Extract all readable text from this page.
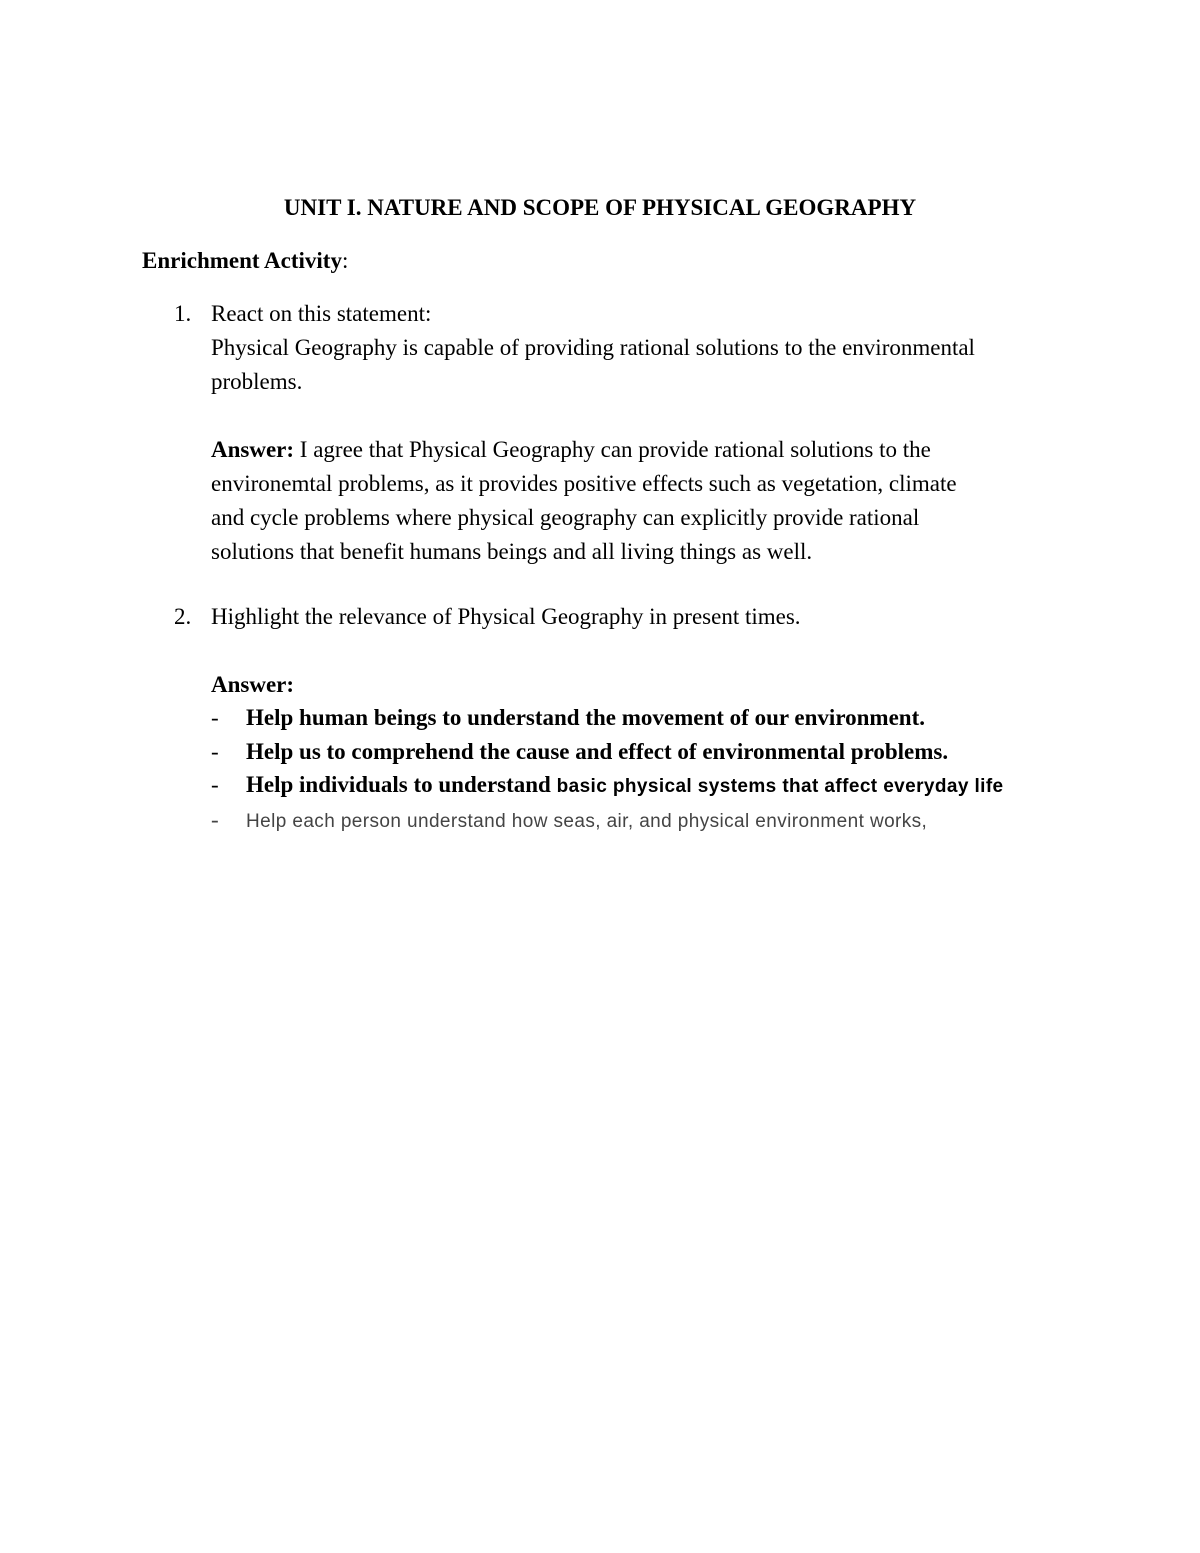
UNIT I. NATURE AND SCOPE OF PHYSICAL GEOGRAPHY
Enrichment Activity:
1. React on this statement:

Physical Geography is capable of providing rational solutions to the environmental

problems.

Answer: I agree that Physical Geography can provide rational solutions to the

environemtal problems, as it provides positive effects such as vegetation, climate

and cycle problems where physical geography can explicitly provide rational

solutions that benefit humans beings and all living things as well.

2. Highlight the relevance of Physical Geography in present times.
Answer:
- Help human beings to understand the movement of our environment.
- Help us to comprehend the cause and effect of environmental problems.
- Help individuals to understand basic physical systems that affect everyday life
- Help each person understand how seas, air, and physical environment works,
